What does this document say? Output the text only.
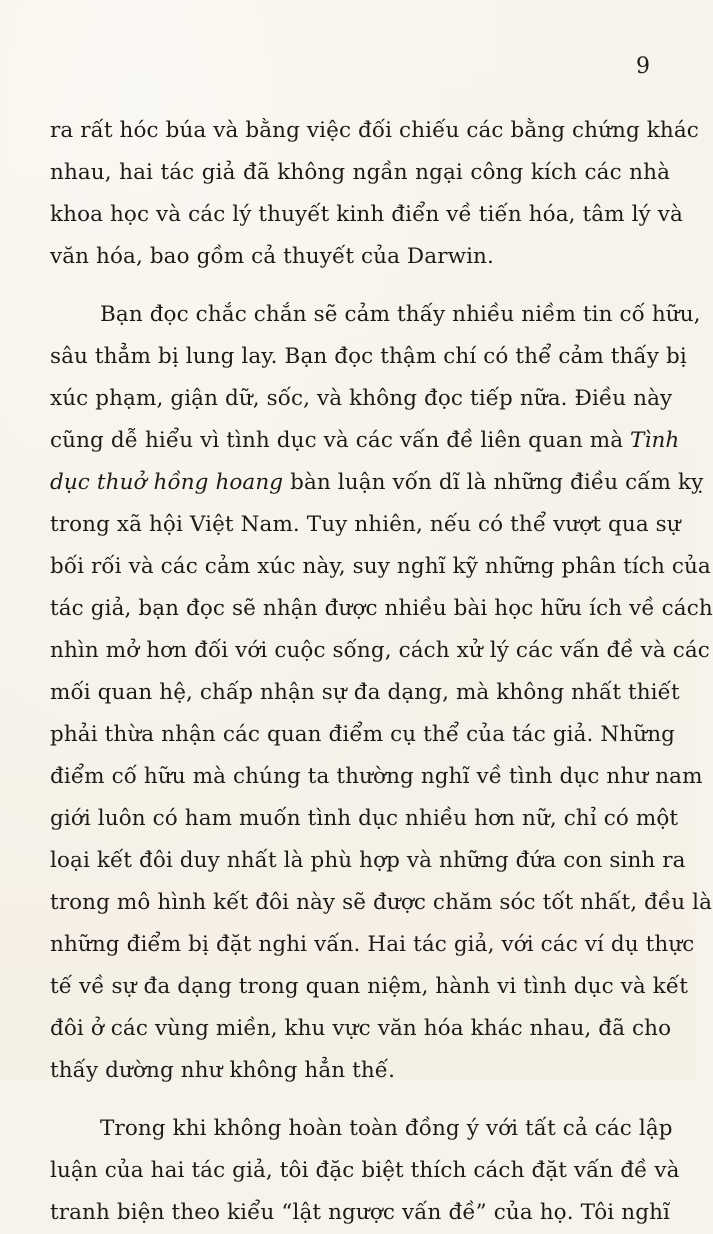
9
ra rất hóc búa và bằng việc đối chiếu các bằng chứng khác
nhau, hai tác giả đã không ngần ngại công kích các nhà
khoa học và các lý thuyết kinh điển về tiến hóa, tâm lý và
văn hóa, bao gồm cả thuyết của Darwin.
Bạn đọc chắc chắn sẽ cảm thấy nhiều niềm tin cố hữu,
sâu thẳm bị lung lay. Bạn đọc thậm chí có thể cảm thấy bị
xúc phạm, giận dữ, sốc, và không đọc tiếp nữa. Điều này
cũng dễ hiểu vì tình dục và các vấn đề liên quan mà Tình
dục thuở hồng hoang bàn luận vốn dĩ là những điều cấm kỵ
trong xã hội Việt Nam. Tuy nhiên, nếu có thể vượt qua sự
bối rối và các cảm xúc này, suy nghĩ kỹ những phân tích của
tác giả, bạn đọc sẽ nhận được nhiều bài học hữu ích về cách
nhìn mở hơn đối với cuộc sống, cách xử lý các vấn đề và các
mối quan hệ, chấp nhận sự đa dạng, mà không nhất thiết
phải thừa nhận các quan điểm cụ thể của tác giả. Những
điểm cố hữu mà chúng ta thường nghĩ về tình dục như nam
giới luôn có ham muốn tình dục nhiều hơn nữ, chỉ có một
loại kết đôi duy nhất là phù hợp và những đứa con sinh ra
trong mô hình kết đôi này sẽ được chăm sóc tốt nhất, đều là
những điểm bị đặt nghi vấn. Hai tác giả, với các ví dụ thực
tế về sự đa dạng trong quan niệm, hành vi tình dục và kết
đôi ở các vùng miền, khu vực văn hóa khác nhau, đã cho
thấy dường như không hẳn thế.
Trong khi không hoàn toàn đồng ý với tất cả các lập
luận của hai tác giả, tôi đặc biệt thích cách đặt vấn đề và
tranh biện theo kiểu “lật ngược vấn đề” của họ. Tôi nghĩ
